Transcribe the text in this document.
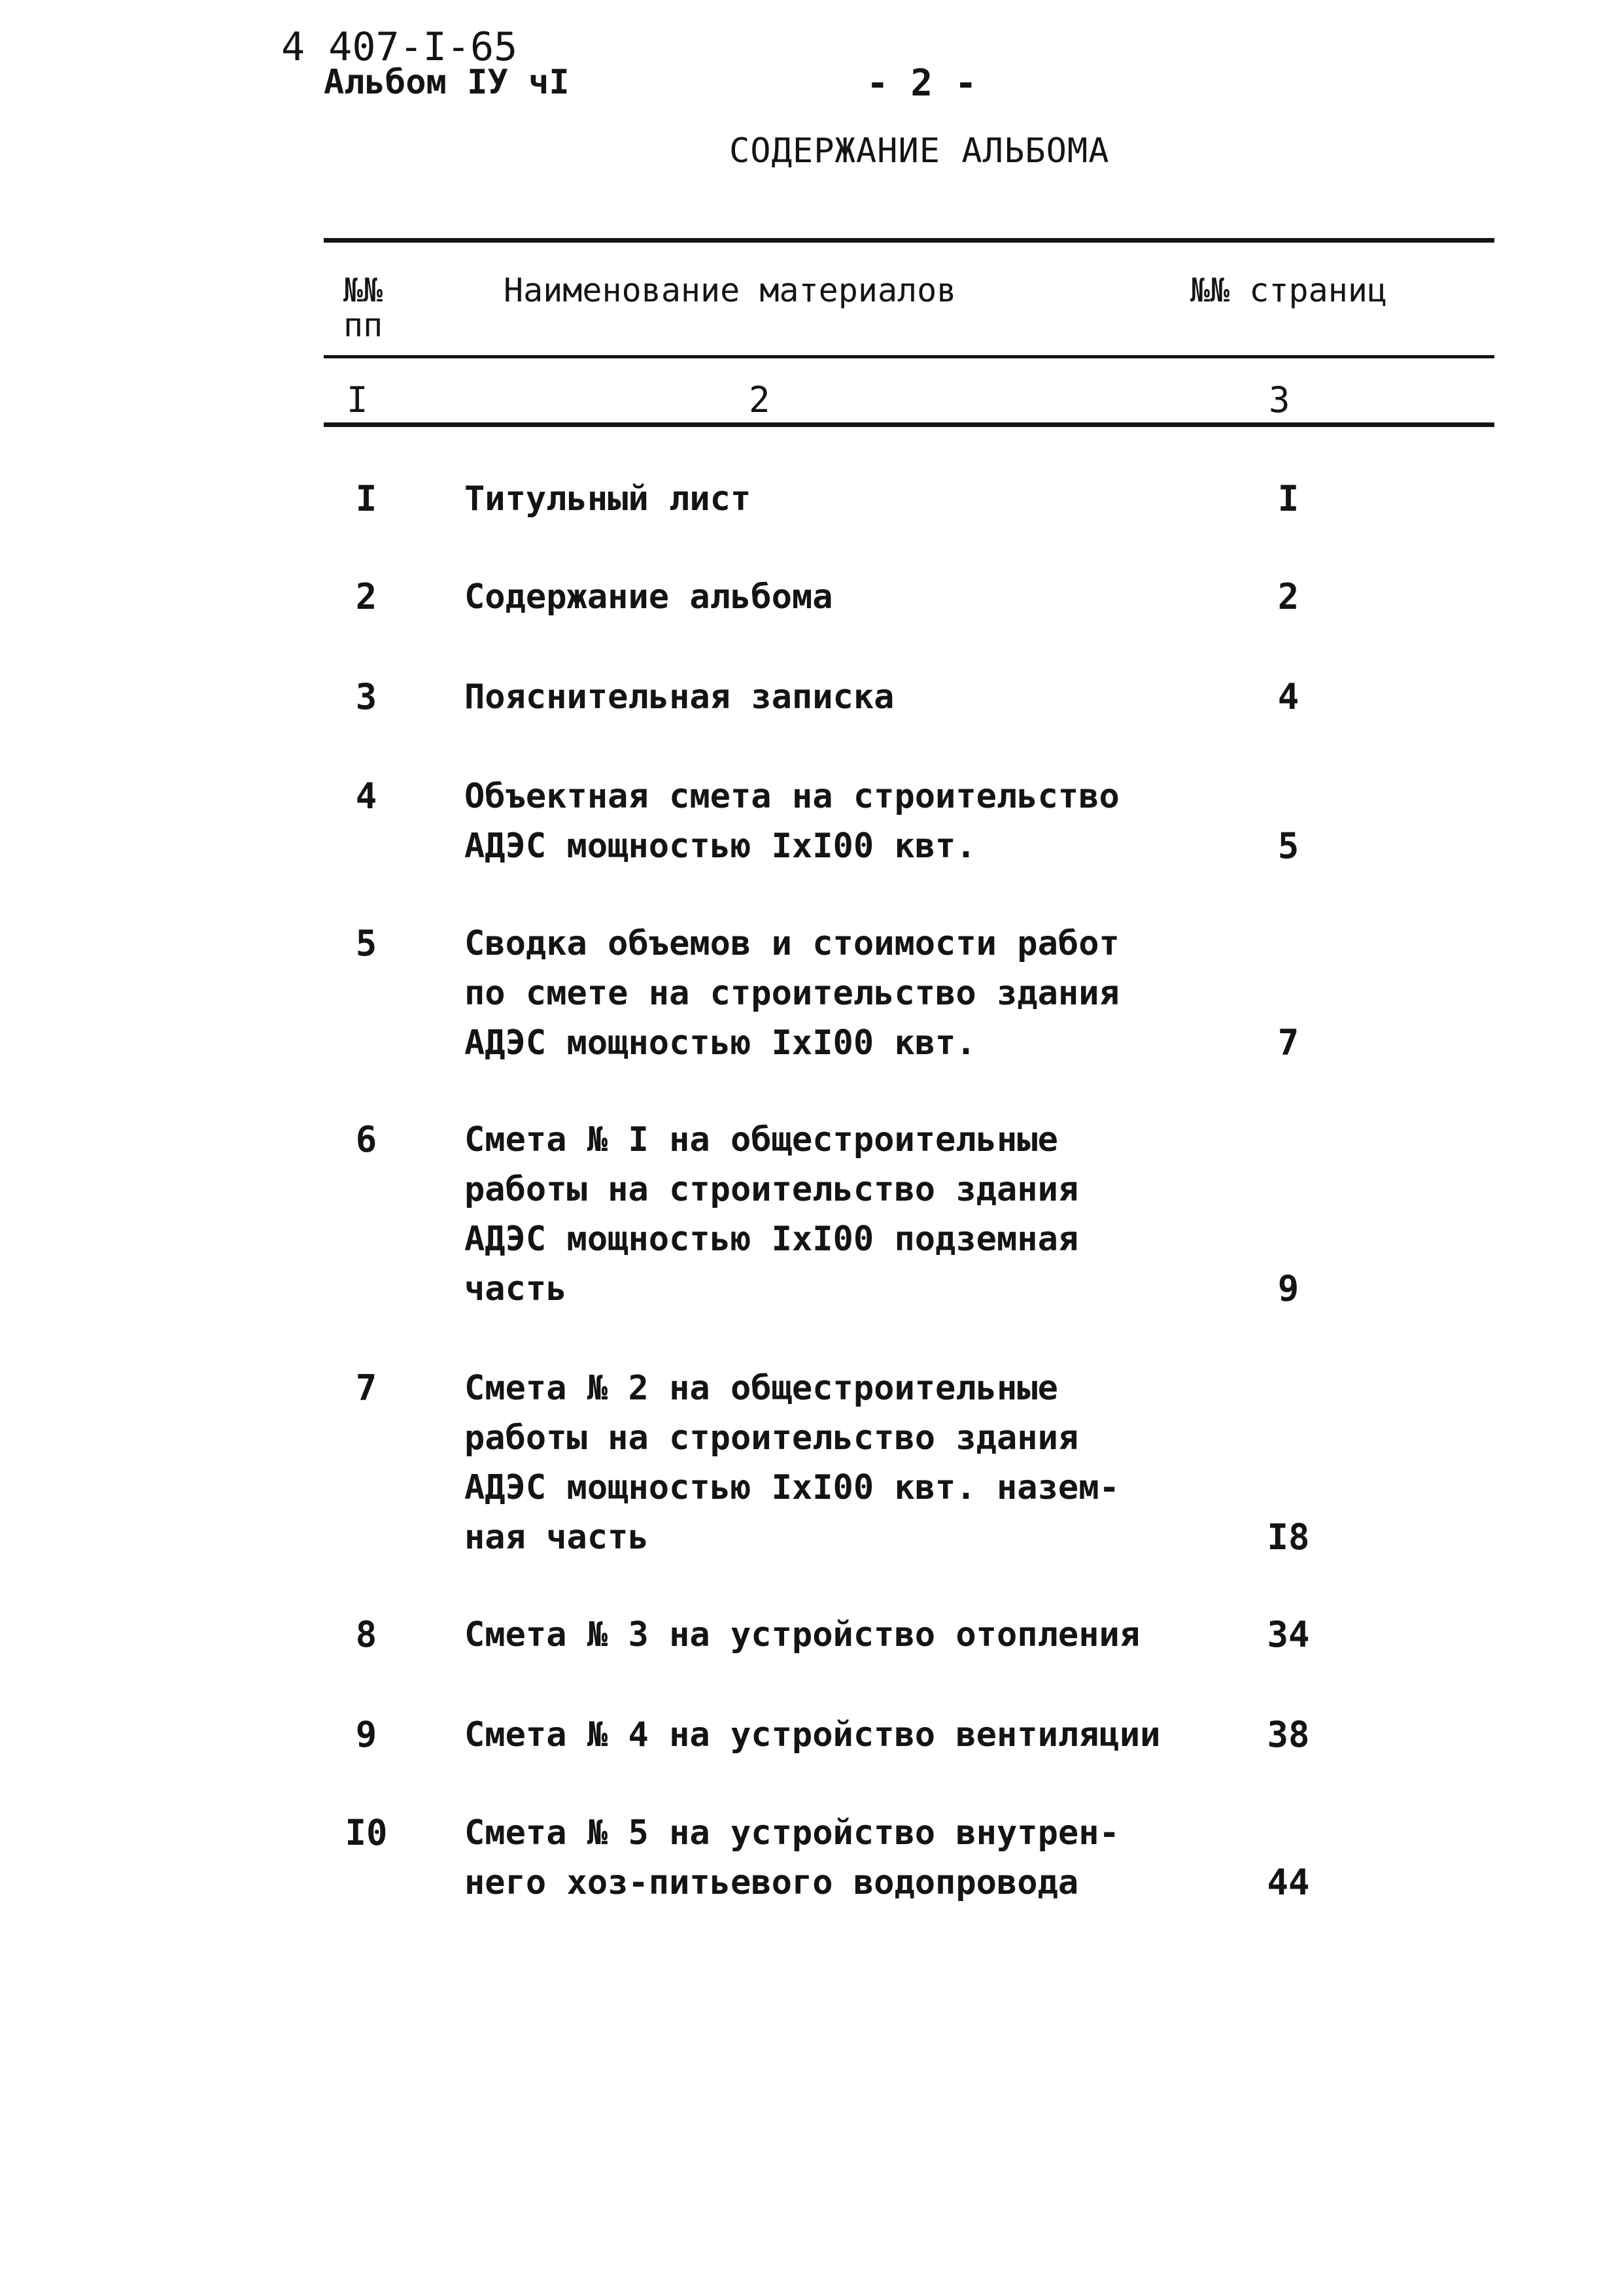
4 407-I-65
Альбом IУ чI	- 2 -
СОДЕРЖАНИЕ АЛЬБОМА
№№
пп
Наименование материалов	№№ страниц
I	2	3
I	Титульный лист	I
2	Содержание альбома	2
3	Пояснительная записка	4
4	Объектная смета на строительство
АДЭС мощностью IxI00 квт.	5
5	Сводка объемов и стоимости работ
по смете на строительство здания
АДЭС мощностью IxI00 квт.	7
6	Смета № I на общестроительные
работы на строительство здания
АДЭС мощностью IxI00 подземная
часть	9
7	Смета № 2 на общестроительные
работы на строительство здания
АДЭС мощностью IxI00 квт. назем-
ная часть	I8
8	Смета № 3 на устройство отопления	34
9	Смета № 4 на устройство вентиляции	38
I0 Смета № 5 на устройство внутрен-
него хоз-питьевого водопровода	44
